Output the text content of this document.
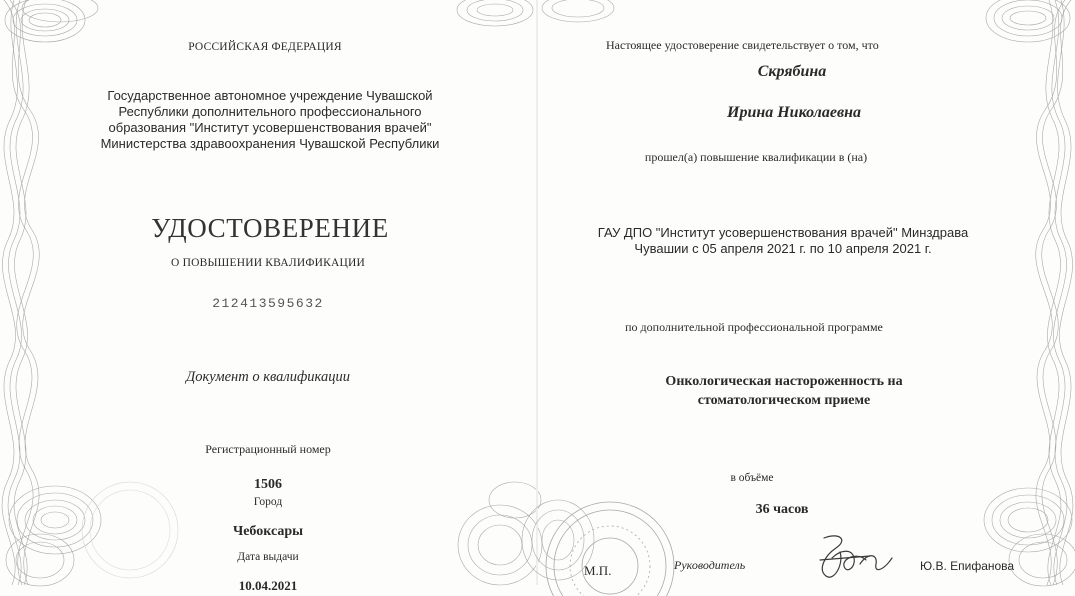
РОССИЙСКАЯ ФЕДЕРАЦИЯ
Государственное автономное учреждение Чувашской
Республики дополнительного профессионального
образования "Институт усовершенствования врачей"
Министерства здравоохранения Чувашской Республики
УДОСТОВЕРЕНИЕ
О ПОВЫШЕНИИ КВАЛИФИКАЦИИ
212413595632
Документ о квалификации
Регистрационный номер
1506
Город
Чебоксары
Дата выдачи
10.04.2021
Настоящее удостоверение свидетельствует о том, что
Скрябина
Ирина Николаевна
прошел(а) повышение квалификации в (на)
ГАУ ДПО "Институт усовершенствования врачей" Минздрава
Чувашии с 05 апреля 2021 г. по 10 апреля 2021 г.
по дополнительной профессиональной программе
Онкологическая настороженность на
стоматологическом приеме
в объёме
36 часов
М.П.	Руководитель	Ю.В. Епифанова
